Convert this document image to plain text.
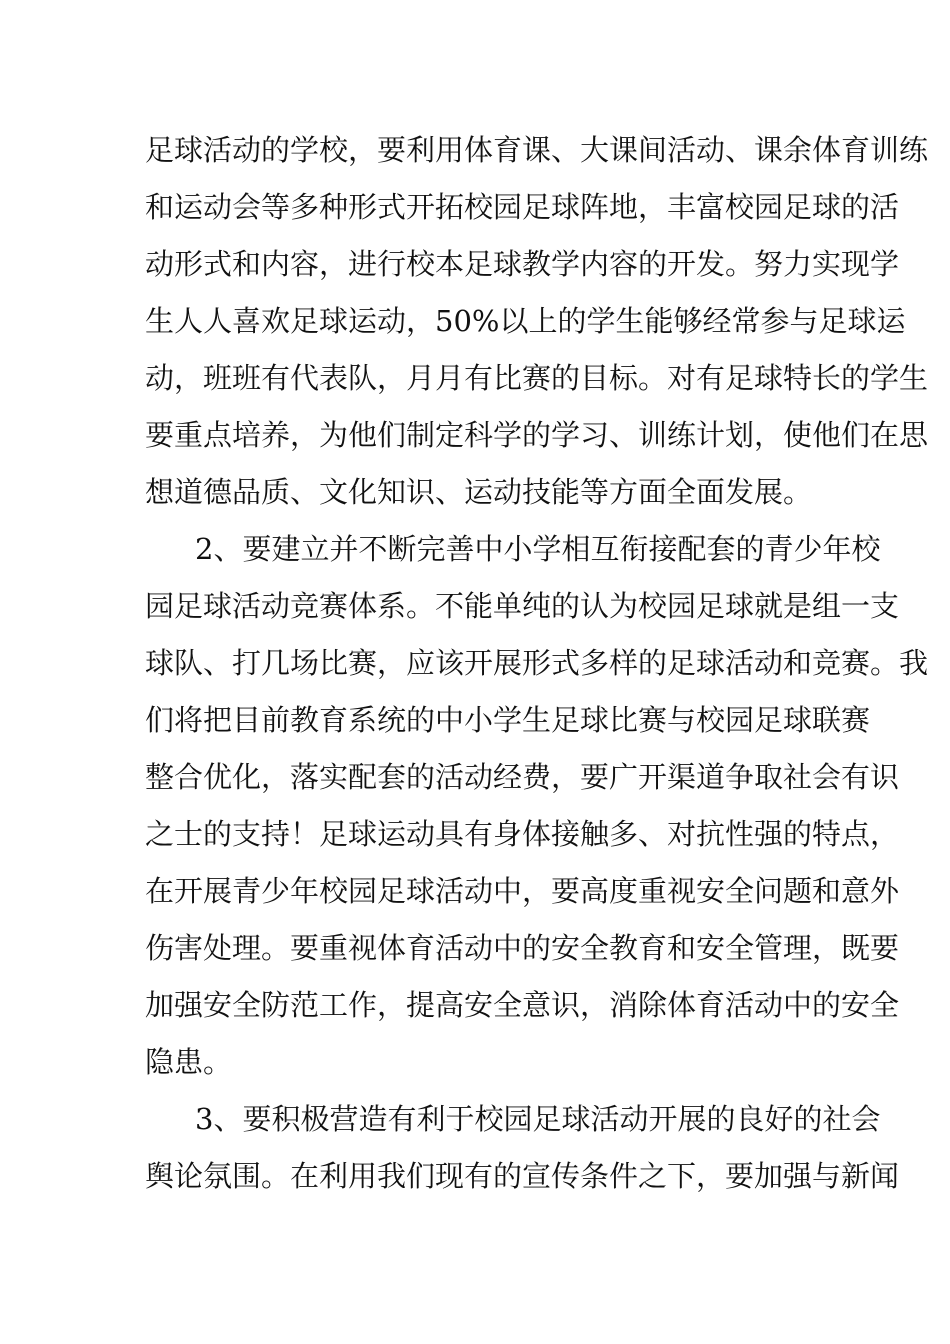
足球活动的学校，要利用体育课、大课间活动、课余体育训练

和运动会等多种形式开拓校园足球阵地，丰富校园足球的活

动形式和内容，进行校本足球教学内容的开发。努力实现学

生人人喜欢足球运动，50%以上的学生能够经常参与足球运

动，班班有代表队，月月有比赛的目标。对有足球特长的学生

要重点培养，为他们制定科学的学习、训练计划，使他们在思

想道德品质、文化知识、运动技能等方面全面发展。

2、要建立并不断完善中小学相互衔接配套的青少年校

园足球活动竞赛体系。不能单纯的认为校园足球就是组一支

球队、打几场比赛，应该开展形式多样的足球活动和竞赛。我

们将把目前教育系统的中小学生足球比赛与校园足球联赛

整合优化，落实配套的活动经费，要广开渠道争取社会有识

之士的支持！足球运动具有身体接触多、对抗性强的特点，

在开展青少年校园足球活动中，要高度重视安全问题和意外

伤害处理。要重视体育活动中的安全教育和安全管理，既要

加强安全防范工作，提高安全意识，消除体育活动中的安全

隐患。

3、要积极营造有利于校园足球活动开展的良好的社会

舆论氛围。在利用我们现有的宣传条件之下，要加强与新闻
